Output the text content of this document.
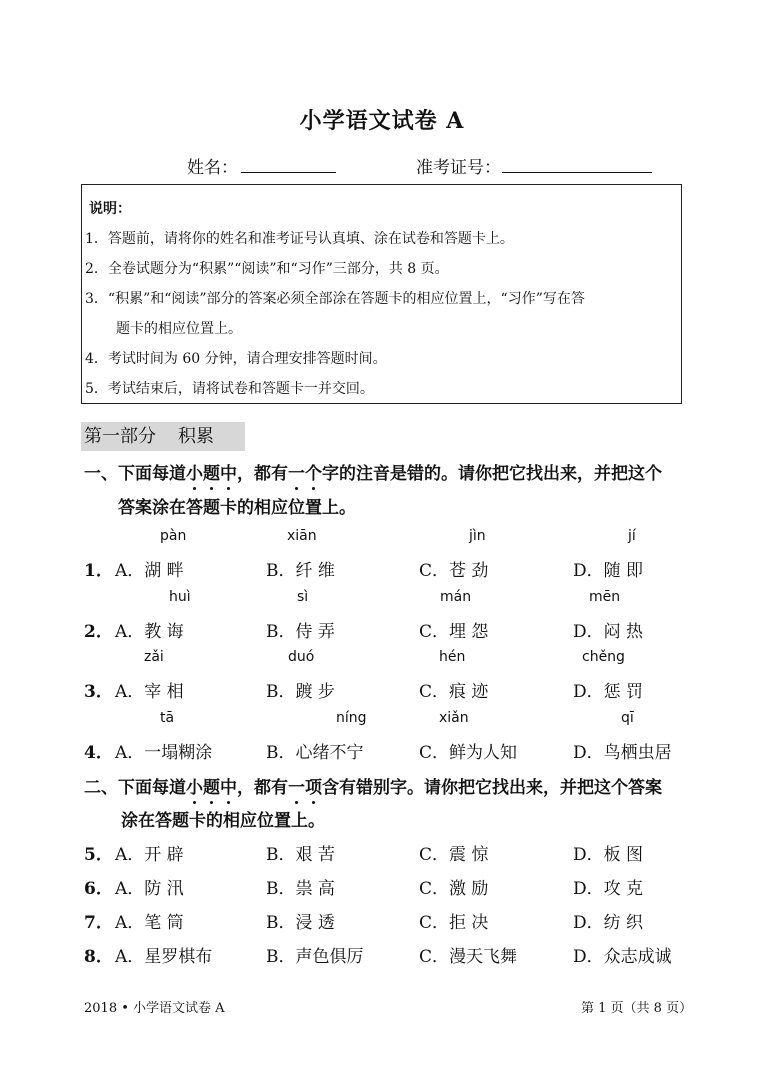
小学语文试卷 A
姓名：	准考证号：
说明：
1．答题前，请将你的姓名和准考证号认真填、涂在试卷和答题卡上。
2．全卷试题分为“积累”“阅读”和“习作”三部分，共 8 页。
3．“积累”和“阅读”部分的答案必须全部涂在答题卡的相应位置上，“习作”写在答
题卡的相应位置上。
4．考试时间为 60 分钟，请合理安排答题时间。
5．考试结束后，请将试卷和答题卡一并交回。
第一部分 积累
一、下面每道小题中，都有一个字的注音是错的。请你把它找出来，并把这个
答案涂在答题卡的相应位置上。
pàn	xiān	jìn	jí
1． A．湖 畔	B．纤 维	C．苍 劲	D．随 即
huì	sì	mán	mēn
2． A．教 诲	B．侍 弄	C．埋 怨	D．闷 热
zǎi	duó	hén	chěng
3． A．宰 相	B．踱 步	C．痕 迹	D．惩 罚
tā	níng	xiǎn	qī
4． A．一塌糊涂	B．心绪不宁	C．鲜为人知	D．鸟栖虫居
二、下面每道小题中，都有一项含有错别字。请你把它找出来，并把这个答案
涂在答题卡的相应位置上。
5． A．开 辟	B．艰 苦	C．震 惊	D．板 图
6． A．防 汛	B．祟 高	C．激 励	D．攻 克
7． A．笔 筒	B．浸 透	C．拒 决	D．纺 织
8． A．星罗棋布	B．声色俱厉	C．漫天飞舞	D．众志成诚
2018 • 小学语文试卷 A	第 1 页（共 8 页）
